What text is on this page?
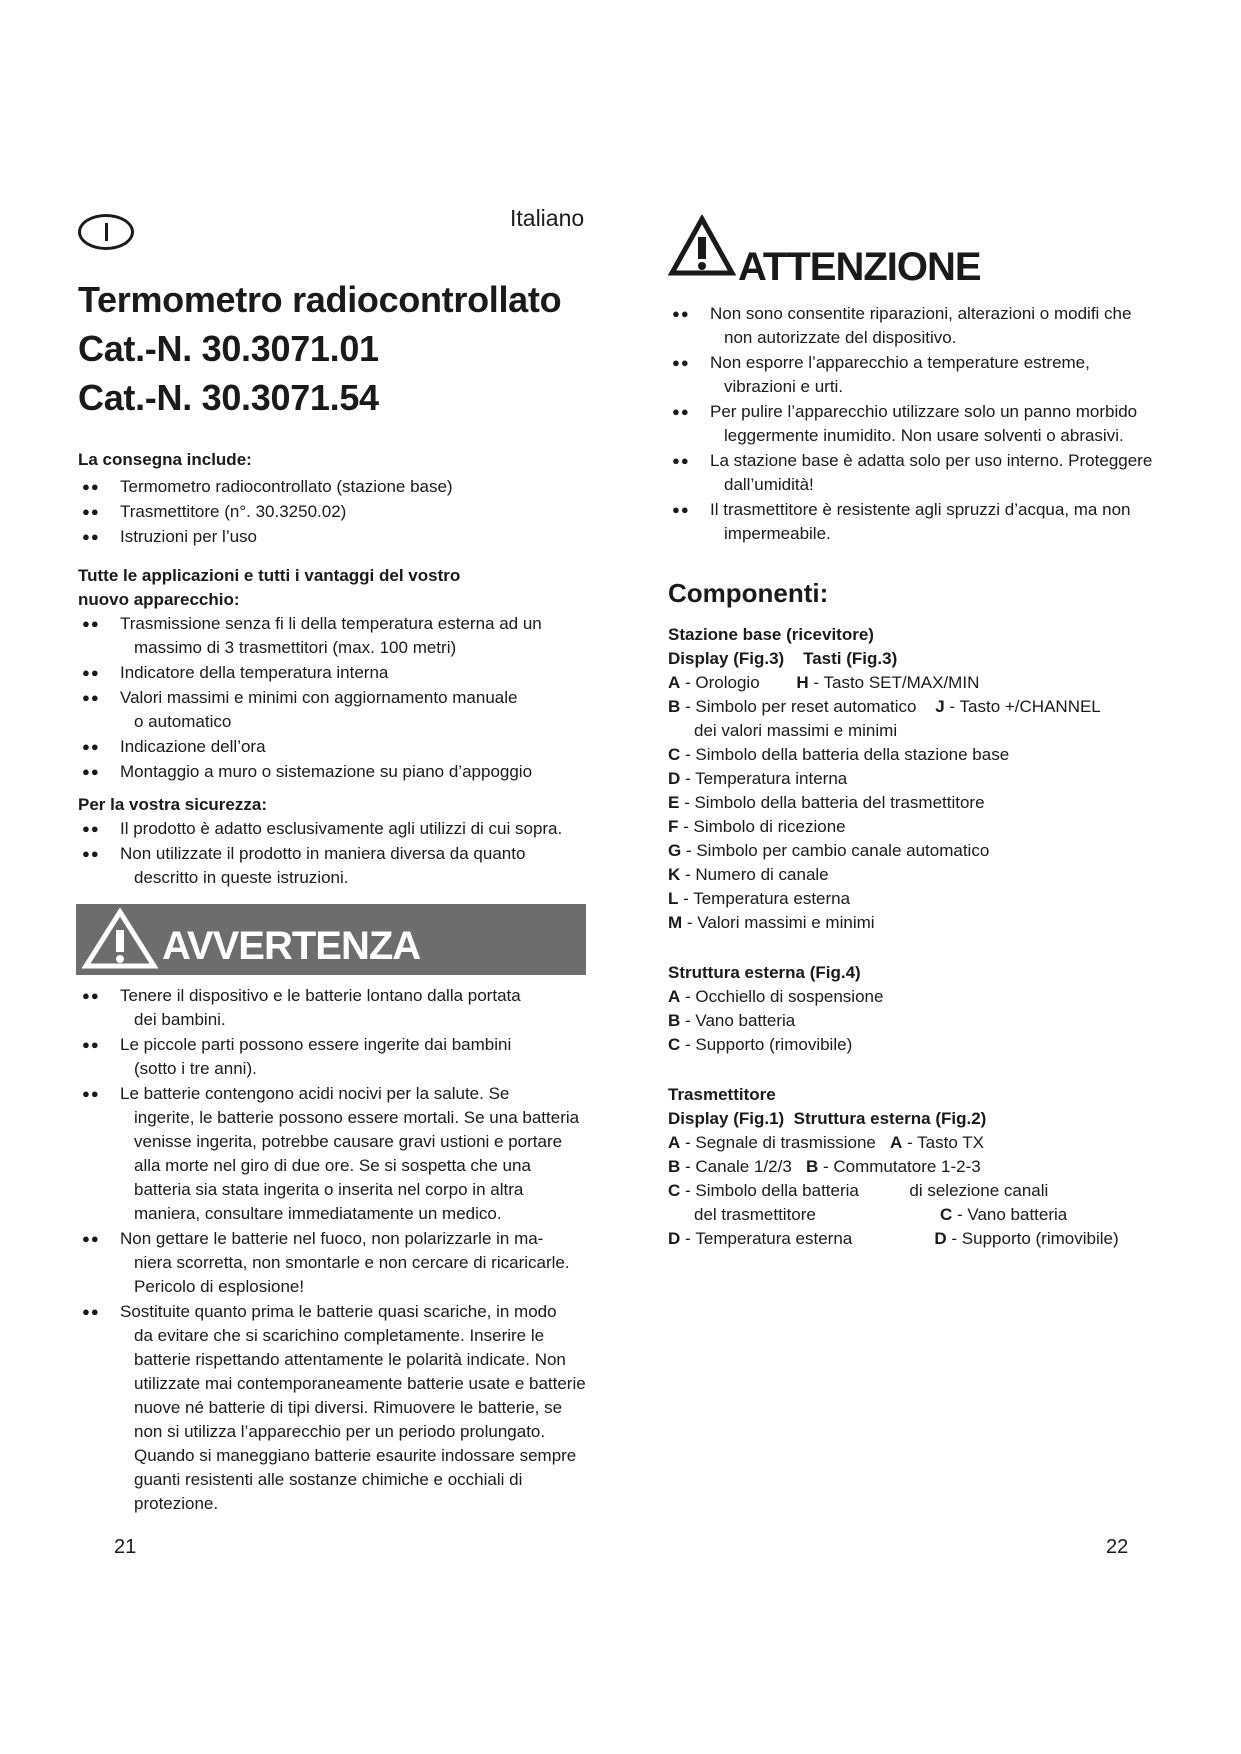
Italiano
Termometro radiocontrollato
Cat.-N. 30.3071.01
Cat.-N. 30.3071.54
La consegna include:
●● Termometro radiocontrollato (stazione base)
●● Trasmettitore (n°. 30.3250.02)
●● Istruzioni per l’uso
Tutte le applicazioni e tutti i vantaggi del vostro
nuovo apparecchio:
●● Trasmissione senza fi li della temperatura esterna ad un
massimo di 3 trasmettitori (max. 100 metri)
●● Indicatore della temperatura interna
●● Valori massimi e minimi con aggiornamento manuale
o automatico
●● Indicazione dell’ora
●● Montaggio a muro o sistemazione su piano d’appoggio
Per la vostra sicurezza:
●● Il prodotto è adatto esclusivamente agli utilizzi di cui sopra.
●● Non utilizzate il prodotto in maniera diversa da quanto
descritto in queste istruzioni.
AVVERTENZA
●● Tenere il dispositivo e le batterie lontano dalla portata
dei bambini.
●● Le piccole parti possono essere ingerite dai bambini
(sotto i tre anni).
●● Le batterie contengono acidi nocivi per la salute. Se
ingerite, le batterie possono essere mortali. Se una batteria venisse ingerita, potrebbe causare gravi ustioni e portare alla morte nel giro di due ore. Se si sospetta che una batteria sia stata ingerita o inserita nel corpo in altra maniera, consultare immediatamente un medico.
●● Non gettare le batterie nel fuoco, non polarizzarle in ma-
niera scorretta, non smontarle e non cercare di ricaricarle. Pericolo di esplosione!
●● Sostituite quanto prima le batterie quasi scariche, in modo
da evitare che si scarichino completamente. Inserire le batterie rispettando attentamente le polarità indicate. Non utilizzate mai contemporaneamente batterie usate e batterie nuove né batterie di tipi diversi. Rimuovere le batterie, se non si utilizza l’apparecchio per un periodo prolungato. Quando si maneggiano batterie esaurite indossare sempre guanti resistenti alle sostanze chimiche e occhiali di protezione.
ATTENZIONE
●● Non sono consentite riparazioni, alterazioni o modifi che
non autorizzate del dispositivo.
●● Non esporre l’apparecchio a temperature estreme,
vibrazioni e urti.
●● Per pulire l’apparecchio utilizzare solo un panno morbido
leggermente inumidito. Non usare solventi o abrasivi.
●● La stazione base è adatta solo per uso interno. Proteggere
dall’umidità!
●● Il trasmettitore è resistente agli spruzzi d’acqua, ma non
impermeabile.
Componenti:
Stazione base (ricevitore)
Display (Fig.3) Tasti (Fig.3)
A - Orologio H - Tasto SET/MAX/MIN
B - Simbolo per reset automatico J - Tasto +/CHANNEL
dei valori massimi e minimi
C - Simbolo della batteria della stazione base
D - Temperatura interna
E - Simbolo della batteria del trasmettitore
F - Simbolo di ricezione
G - Simbolo per cambio canale automatico
K - Numero di canale
L - Temperatura esterna
M - Valori massimi e minimi
Struttura esterna (Fig.4)
A - Occhiello di sospensione
B - Vano batteria
C - Supporto (rimovibile)
Trasmettitore
Display (Fig.1) Struttura esterna (Fig.2)
A - Segnale di trasmissione A - Tasto TX
B - Canale 1/2/3 B - Commutatore 1-2-3
C - Simbolo della batteria	di selezione canali
del trasmettitore	C - Vano batteria
D - Temperatura esterna	D - Supporto (rimovibile)
21	22
